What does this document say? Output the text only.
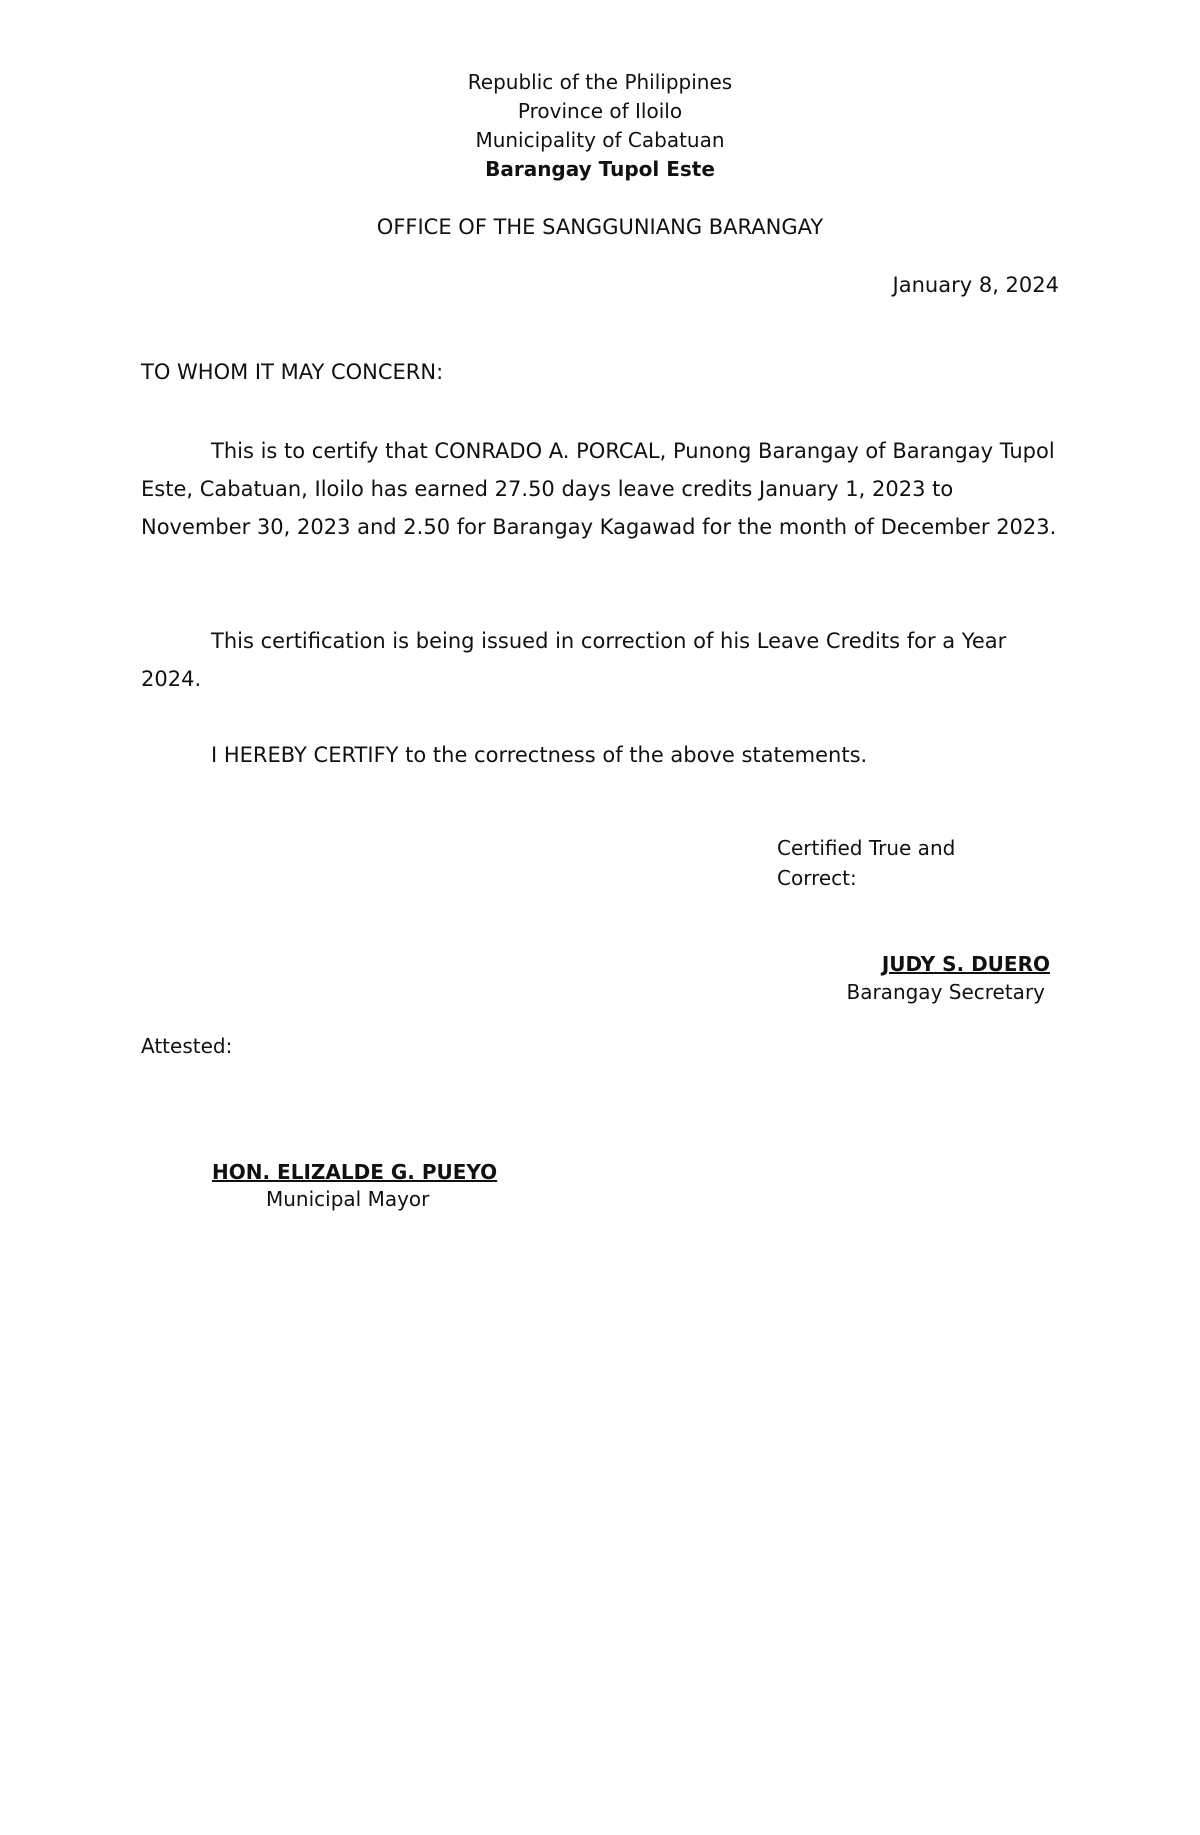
Republic of the Philippines
Province of Iloilo
Municipality of Cabatuan
Barangay Tupol Este
OFFICE OF THE SANGGUNIANG BARANGAY
January 8, 2024
TO WHOM IT MAY CONCERN:
This is to certify that CONRADO A. PORCAL, Punong Barangay of Barangay Tupol Este, Cabatuan, Iloilo has earned 27.50 days leave credits January 1, 2023 to November 30, 2023 and 2.50 for Barangay Kagawad for the month of December 2023.
This certification is being issued in correction of his Leave Credits for a Year 2024.
I HEREBY CERTIFY to the correctness of the above statements.
Certified True and
Correct:
JUDY S. DUERO
Barangay Secretary
Attested:
HON. ELIZALDE G. PUEYO
Municipal Mayor
